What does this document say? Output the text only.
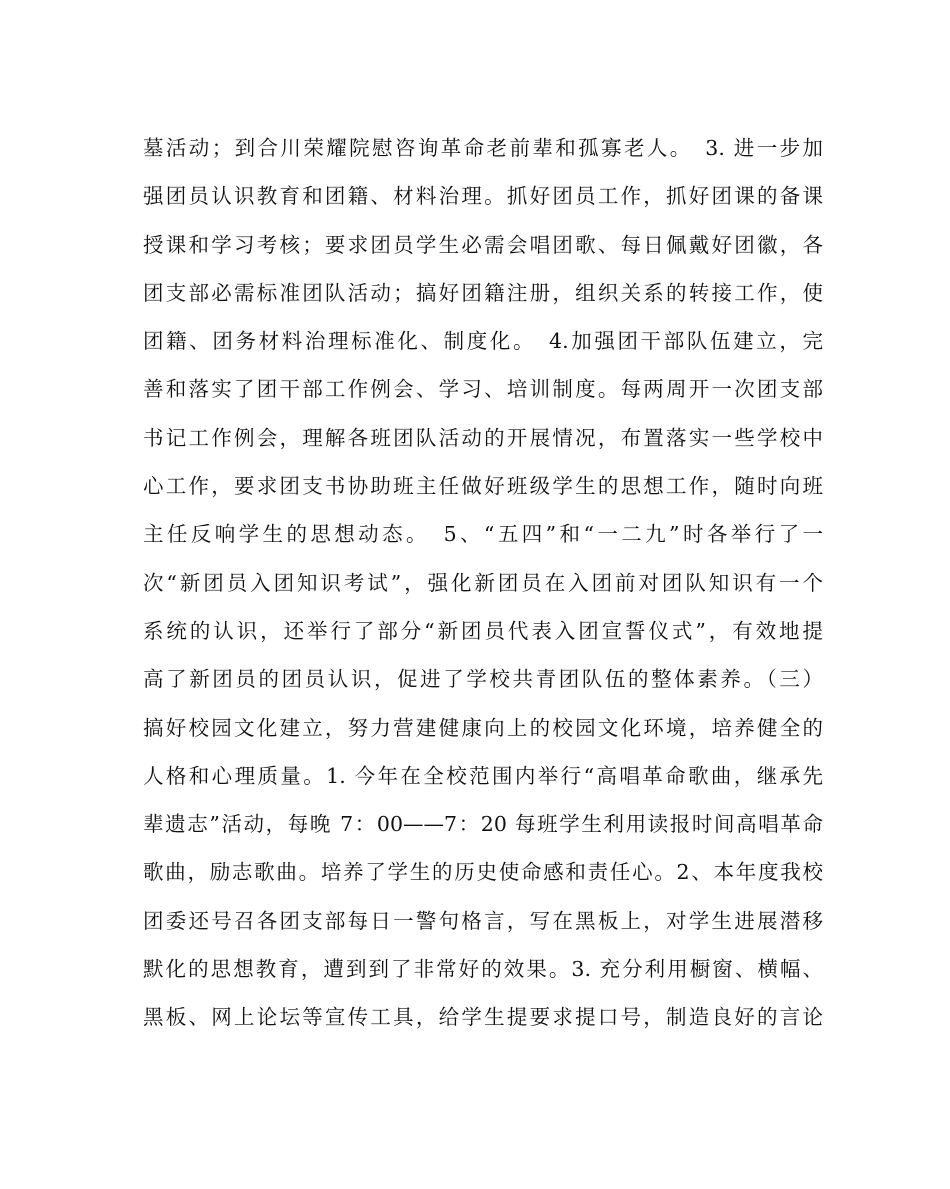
墓活动；到合川荣耀院慰咨询革命老前辈和孤寡老人。　3. 进一步加
强团员认识教育和团籍、材料治理。抓好团员工作，抓好团课的备课
授课和学习考核；要求团员学生必需会唱团歌、每日佩戴好团徽，各
团支部必需标准团队活动；搞好团籍注册，组织关系的转接工作，使
团籍、团务材料治理标准化、制度化。　4.加强团干部队伍建立，完
善和落实了团干部工作例会、学习、培训制度。每两周开一次团支部
书记工作例会，理解各班团队活动的开展情况，布置落实一些学校中
心工作，要求团支书协助班主任做好班级学生的思想工作，随时向班
主任反响学生的思想动态。　5、“五四”和“一二九”时各举行了一
次“新团员入团知识考试”，强化新团员在入团前对团队知识有一个
系统的认识，还举行了部分“新团员代表入团宣誓仪式”，有效地提
高了新团员的团员认识，促进了学校共青团队伍的整体素养。（三）
搞好校园文化建立，努力营建健康向上的校园文化环境，培养健全的
人格和心理质量。1. 今年在全校范围内举行“高唱革命歌曲，继承先
辈遗志”活动，每晚 7：00——7：20 每班学生利用读报时间高唱革命
歌曲，励志歌曲。培养了学生的历史使命感和责任心。2、本年度我校
团委还号召各团支部每日一警句格言，写在黑板上，对学生进展潜移
默化的思想教育，遭到到了非常好的效果。3. 充分利用橱窗、横幅、
黑板、网上论坛等宣传工具，给学生提要求提口号，制造良好的言论
